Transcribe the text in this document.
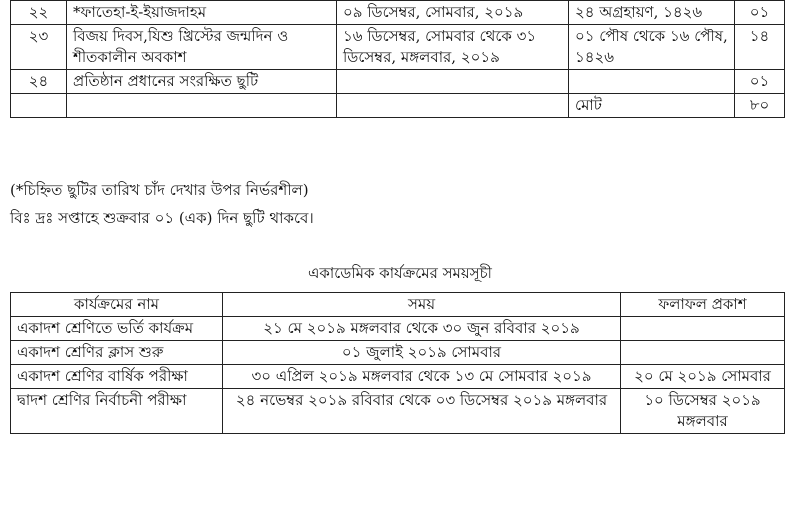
২২	*ফাতেহা-ই-ইয়াজদাহম	০৯ ডিসেম্বর, সোমবার, ২০১৯	২৪ অগ্রহায়ণ, ১৪২৬	০১
২৩	বিজয় দিবস,যিশু খ্রিস্টের জন্মদিন ও শীতকালীন অবকাশ	১৬ ডিসেম্বর, সোমবার থেকে ৩১ ডিসেম্বর, মঙ্গলবার, ২০১৯	০১ পৌষ থেকে ১৬ পৌষ, ১৪২৬	১৪
২৪	প্রতিষ্ঠান প্রধানের সংরক্ষিত ছুটি			০১
			মোট	৮০
(*চিহ্নিত ছুটির তারিখ চাঁদ দেখার উপর নির্ভরশীল)
বিঃ দ্রঃ সপ্তাহে শুক্রবার ০১ (এক) দিন ছুটি থাকবে।
একাডেমিক কার্যক্রমের সময়সূচী
কার্যক্রমের নাম	সময়	ফলাফল প্রকাশ
একাদশ শ্রেণিতে ভর্তি কার্যক্রম	২১ মে ২০১৯ মঙ্গলবার থেকে ৩০ জুন রবিবার ২০১৯	
একাদশ শ্রেণির ক্লাস শুরু	০১ জুলাই ২০১৯ সোমবার	
একাদশ শ্রেণির বার্ষিক পরীক্ষা	৩০ এপ্রিল ২০১৯ মঙ্গলবার থেকে ১৩ মে সোমবার ২০১৯	২০ মে ২০১৯ সোমবার
দ্বাদশ শ্রেণির নির্বাচনী পরীক্ষা	২৪ নভেম্বর ২০১৯ রবিবার থেকে ০৩ ডিসেম্বর ২০১৯ মঙ্গলবার	১০ ডিসেম্বর ২০১৯ মঙ্গলবার
